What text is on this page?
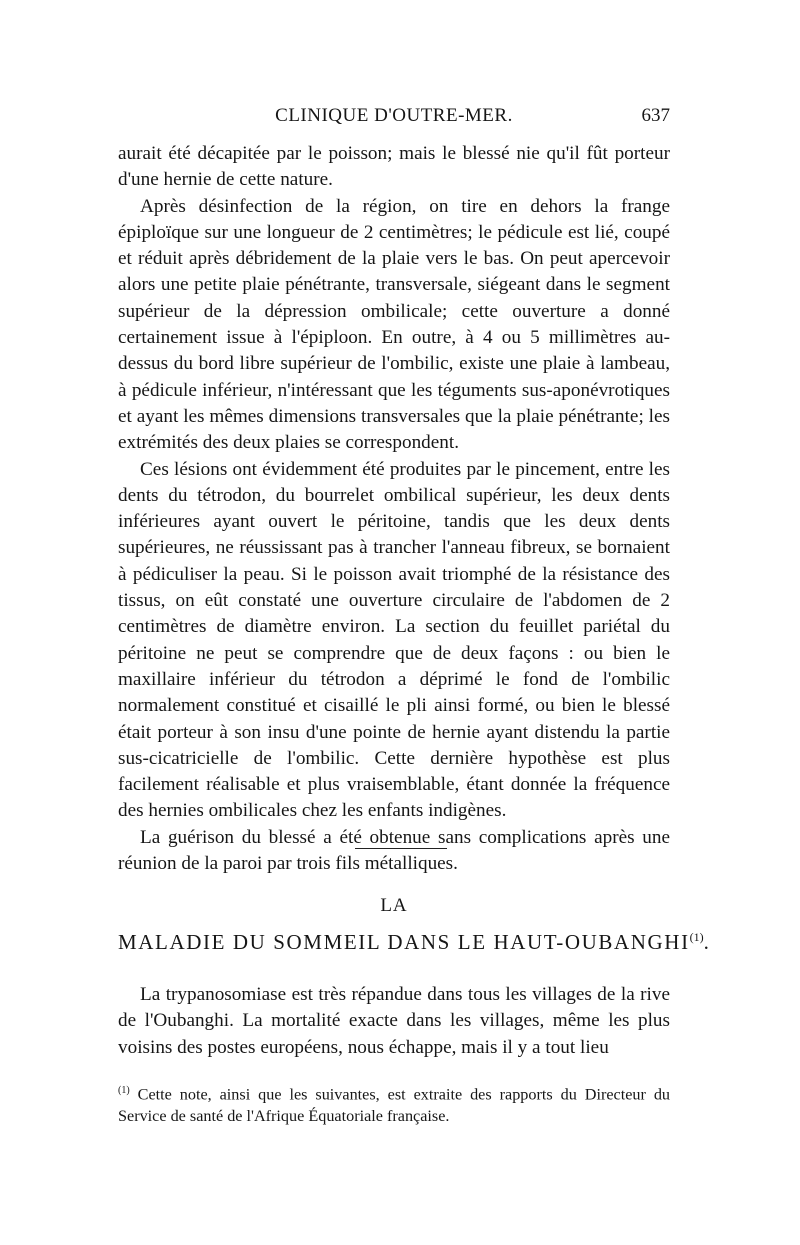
CLINIQUE D'OUTRE-MER.	637

aurait été décapitée par le poisson; mais le blessé nie qu'il fût porteur d'une hernie de cette nature.

Après désinfection de la région, on tire en dehors la frange épiploïque sur une longueur de 2 centimètres; le pédicule est lié, coupé et réduit après débridement de la plaie vers le bas. On peut apercevoir alors une petite plaie pénétrante, transversale, siégeant dans le segment supérieur de la dépression ombilicale; cette ouverture a donné certainement issue à l'épiploon. En outre, à 4 ou 5 millimètres au-dessus du bord libre supérieur de l'ombilic, existe une plaie à lambeau, à pédicule inférieur, n'intéressant que les téguments sus-aponévrotiques et ayant les mêmes dimensions transversales que la plaie pénétrante; les extrémités des deux plaies se correspondent.

Ces lésions ont évidemment été produites par le pincement, entre les dents du tétrodon, du bourrelet ombilical supérieur, les deux dents inférieures ayant ouvert le péritoine, tandis que les deux dents supérieures, ne réussissant pas à trancher l'anneau fibreux, se bornaient à pédiculiser la peau. Si le poisson avait triomphé de la résistance des tissus, on eût constaté une ouverture circulaire de l'abdomen de 2 centimètres de diamètre environ. La section du feuillet pariétal du péritoine ne peut se comprendre que de deux façons : ou bien le maxillaire inférieur du tétrodon a déprimé le fond de l'ombilic normalement constitué et cisaillé le pli ainsi formé, ou bien le blessé était porteur à son insu d'une pointe de hernie ayant distendu la partie sus-cicatricielle de l'ombilic. Cette dernière hypothèse est plus facilement réalisable et plus vraisemblable, étant donnée la fréquence des hernies ombilicales chez les enfants indigènes.

La guérison du blessé a été obtenue sans complications après une réunion de la paroi par trois fils métalliques.

LA
MALADIE DU SOMMEIL DANS LE HAUT-OUBANGHI$^{(1)}$.

La trypanosomiase est très répandue dans tous les villages de la rive de l'Oubanghi. La mortalité exacte dans les villages, même les plus voisins des postes européens, nous échappe, mais il y a tout lieu

$^{(1)}$ Cette note, ainsi que les suivantes, est extraite des rapports du Directeur du Service de santé de l'Afrique Équatoriale française.
